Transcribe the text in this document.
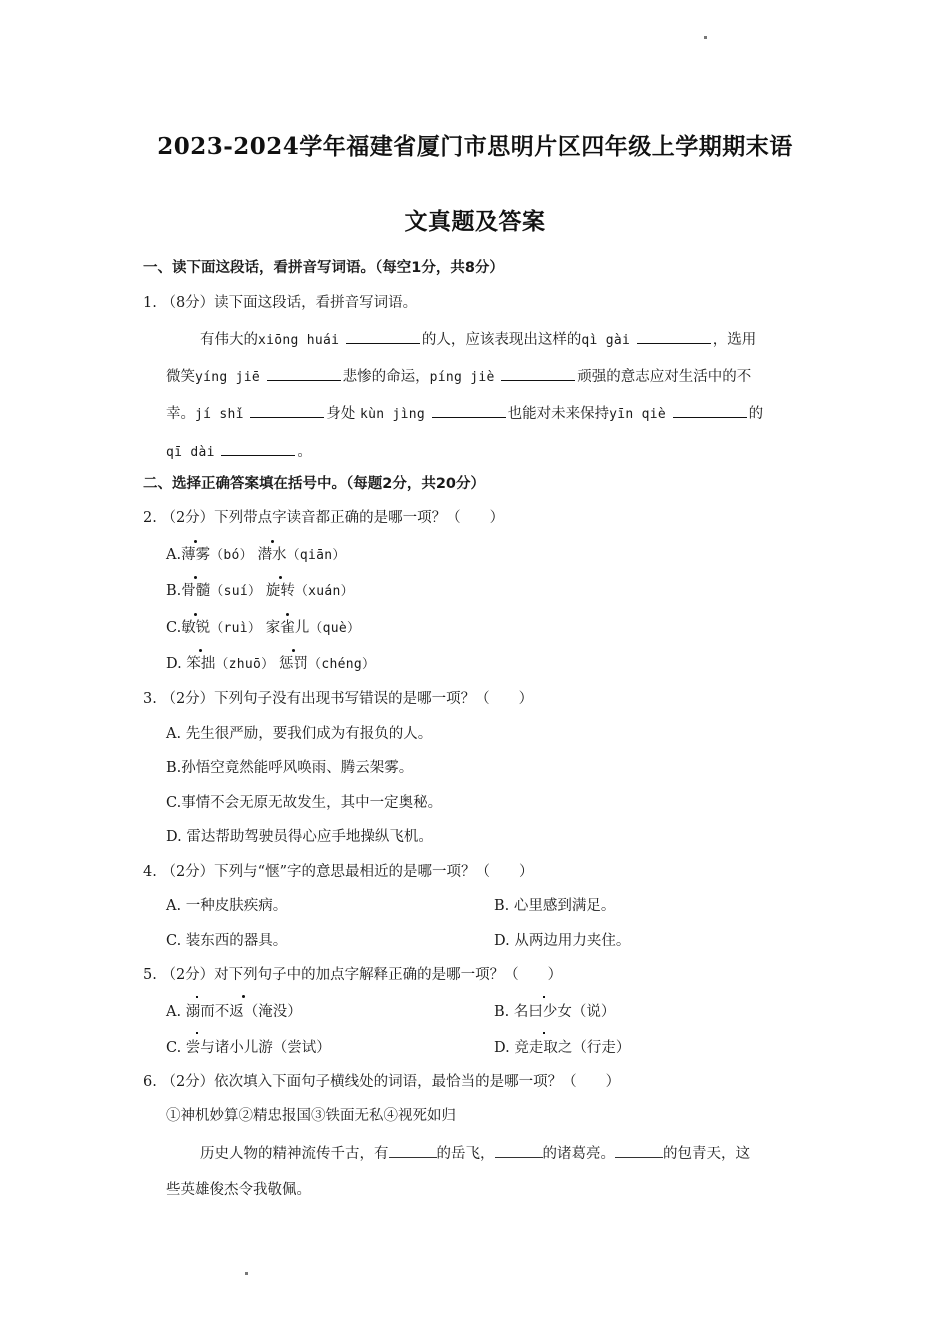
2023-2024学年福建省厦门市思明片区四年级上学期期末语
文真题及答案
一、读下面这段话，看拼音写词语。（每空1分，共8分）
1. （8分）读下面这段话，看拼音写词语。
有伟大的xiōng huái	的人，应该表现出这样的qì gài	，选用
微笑yíng jiē	悲惨的命运，píng jiè	顽强的意志应对生活中的不
幸。jí shǐ	身处 kùn jìng	也能对未来保持yīn qiè	的
qī dài	。
二、选择正确答案填在括号中。（每题2分，共20分）
2. （2分）下列带点字读音都正确的是哪一项？（　　）
A.薄雾（bó） 潜水（qiān）
B.骨髓（suí） 旋转（xuán）
C.敏锐（ruì） 家雀儿（què）
D. 笨拙（zhuō） 惩罚（chéng）
3. （2分）下列句子没有出现书写错误的是哪一项？（　　）
A. 先生很严励，要我们成为有报负的人。
B.孙悟空竟然能呼风唤雨、腾云架雾。
C.事情不会无原无故发生，其中一定奥秘。
D. 雷达帮助驾驶员得心应手地操纵飞机。
4. （2分）下列与“惬”字的意思最相近的是哪一项？（　　）
A. 一种皮肤疾病。	B. 心里感到满足。
C. 装东西的器具。	D. 从两边用力夹住。
5. （2分）对下列句子中的加点字解释正确的是哪一项？（　　）
A. 溺而不返（淹没）	B. 名曰少女（说）
C. 尝与诸小儿游（尝试）	D. 竞走取之（行走）
6. （2分）依次填入下面句子横线处的词语，最恰当的是哪一项？（　　）
①神机妙算②精忠报国③铁面无私④视死如归
历史人物的精神流传千古，有	的岳飞，	的诸葛亮。	的包青天，这
些英雄俊杰令我敬佩。
